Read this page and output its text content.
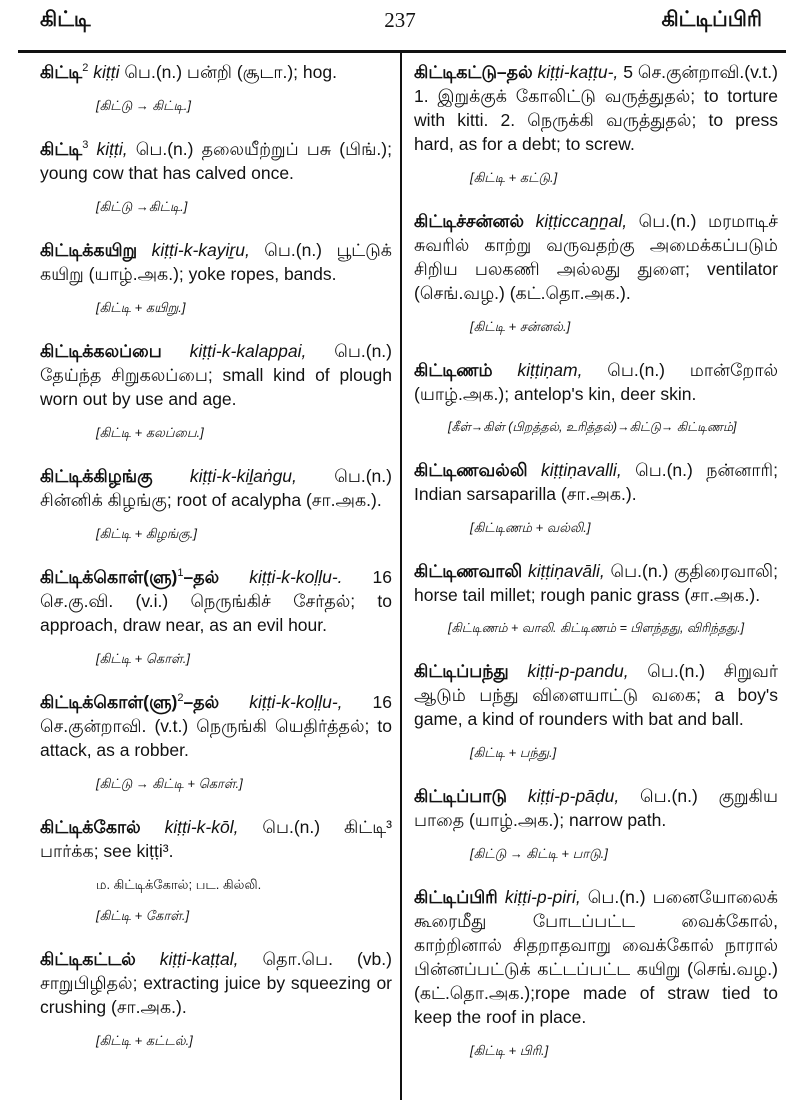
கிட்டி	237	கிட்டிப்பிரி
கிட்டி$^2$ kiṭṭi பெ.(n.) பன்றி (சூடா.); hog.
[கிட்டு → கிட்டி.]
கிட்டி$^3$ kiṭṭi, பெ.(n.) தலையீற்றுப் பசு (பிங்.); young cow that has calved once.
[கிட்டு →கிட்டி.]
கிட்டிக்கயிறு kiṭṭi-k-kayiṟu, பெ.(n.) பூட்டுக் கயிறு (யாழ்.அக.); yoke ropes, bands.
[கிட்டி + கயிறு.]
கிட்டிக்கலப்பை kiṭṭi-k-kalappai, பெ.(n.) தேய்ந்த சிறுகலப்பை; small kind of plough worn out by use and age.
[கிட்டி + கலப்பை.]
கிட்டிக்கிழங்கு kiṭṭi-k-kiḻaṅgu, பெ.(n.) சின்னிக் கிழங்கு; root of acalypha (சா.அக.).
[கிட்டி + கிழங்கு.]
கிட்டிக்கொள்(ளு)$^1$–தல் kiṭṭi-k-koḷḷu-. 16 செ.கு.வி. (v.i.) நெருங்கிச் சேர்தல்; to approach, draw near, as an evil hour.
[கிட்டி + கொள்.]
கிட்டிக்கொள்(ளு)$^2$–தல் kiṭṭi-k-koḷḷu-, 16 செ.குன்றாவி. (v.t.) நெருங்கி யெதிர்த்தல்; to attack, as a robber.
[கிட்டு → கிட்டி + கொள்.]
கிட்டிக்கோல் kiṭṭi-k-kōl, பெ.(n.) கிட்டி³ பார்க்க; see kiṭṭi³.
ம. கிட்டிக்கோல்; பட. கில்லி.
[கிட்டி + கோள்.]
கிட்டிகட்டல் kiṭṭi-kaṭṭal, தொ.பெ. (vb.) சாறுபிழிதல்; extracting juice by squeezing or crushing (சா.அக.).
[கிட்டி + கட்டல்.]
கிட்டிகட்டு–தல் kiṭṭi-kaṭṭu-, 5 செ.குன்றாவி.(v.t.) 1. இறுக்குக் கோலிட்டு வருத்துதல்; to torture with kitti. 2. நெருக்கி வருத்துதல்; to press hard, as for a debt; to screw.
[கிட்டி + கட்டு.]
கிட்டிச்சன்னல் kiṭṭiccaṉṉal, பெ.(n.) மரமாடிச் சுவரில் காற்று வருவதற்கு அமைக்கப்படும் சிறிய பலகணி அல்லது துளை; ventilator (செங்.வழ.) (கட்.தொ.அக.).
[கிட்டி + சன்னல்.]
கிட்டிணம் kiṭṭiṇam, பெ.(n.) மான்றோல் (யாழ்.அக.); antelop's kin, deer skin.
[கீள்→கிள் (பிறத்தல், உரித்தல்)→கிட்டு→ கிட்டிணம்]
கிட்டிணவல்லி kiṭṭiṇavalli, பெ.(n.) நன்னாரி; Indian sarsaparilla (சா.அக.).
[கிட்டிணம் + வல்லி.]
கிட்டிணவாலி kiṭṭiṇavāli, பெ.(n.) குதிரைவாலி; horse tail millet; rough panic grass (சா.அக.).
[கிட்டிணம் + வாலி. கிட்டிணம் = பிளந்தது, விரிந்தது.]
கிட்டிப்பந்து kiṭṭi-p-pandu, பெ.(n.) சிறுவர் ஆடும் பந்து விளையாட்டு வகை; a boy's game, a kind of rounders with bat and ball.
[கிட்டி + பந்து.]
கிட்டிப்பாடு kiṭṭi-p-pāḍu, பெ.(n.) குறுகிய பாதை (யாழ்.அக.); narrow path.
[கிட்டு → கிட்டி + பாடு.]
கிட்டிப்பிரி kiṭṭi-p-piri, பெ.(n.) பனையோலைக் கூரைமீது போடப்பட்ட வைக்கோல், காற்றினால் சிதறாதவாறு வைக்கோல் நாரால் பின்னப்பட்டுக் கட்டப்பட்ட கயிறு (செங்.வழ.) (கட்.தொ.அக.);rope made of straw tied to keep the roof in place.
[கிட்டி + பிரி.]
